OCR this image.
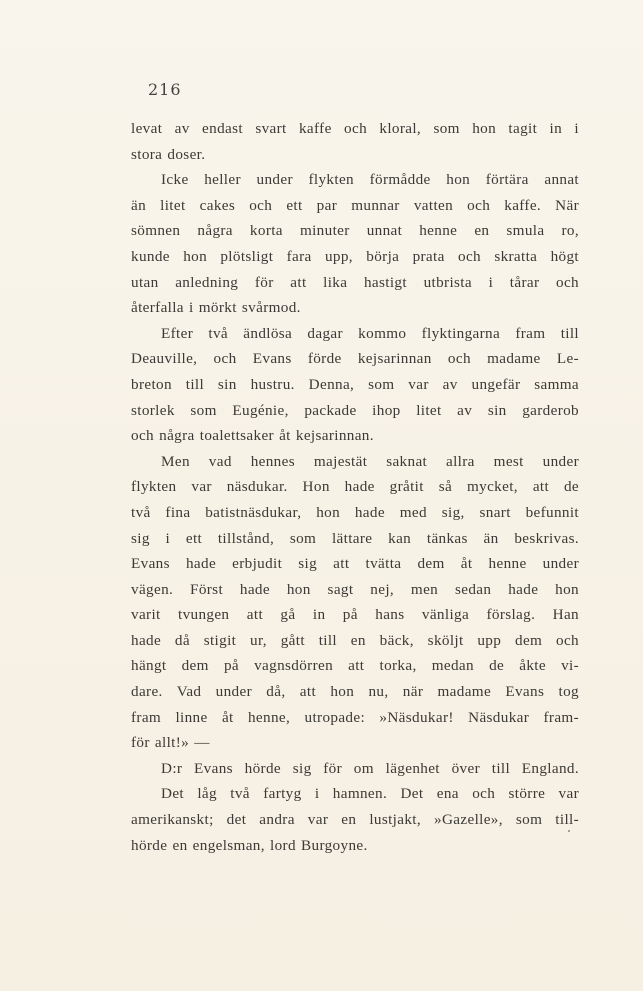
216
levat av endast svart kaffe och kloral, som hon tagit in i
stora doser.
Icke heller under flykten förmådde hon förtära annat
än litet cakes och ett par munnar vatten och kaffe. När
sömnen några korta minuter unnat henne en smula ro,
kunde hon plötsligt fara upp, börja prata och skratta högt
utan anledning för att lika hastigt utbrista i tårar och
återfalla i mörkt svårmod.
Efter två ändlösa dagar kommo flyktingarna fram till
Deauville, och Evans förde kejsarinnan och madame Le-
breton till sin hustru. Denna, som var av ungefär samma
storlek som Eugénie, packade ihop litet av sin garderob
och några toalettsaker åt kejsarinnan.
Men vad hennes majestät saknat allra mest under
flykten var näsdukar. Hon hade gråtit så mycket, att de
två fina batistnäsdukar, hon hade med sig, snart befunnit
sig i ett tillstånd, som lättare kan tänkas än beskrivas.
Evans hade erbjudit sig att tvätta dem åt henne under
vägen. Först hade hon sagt nej, men sedan hade hon
varit tvungen att gå in på hans vänliga förslag. Han
hade då stigit ur, gått till en bäck, sköljt upp dem och
hängt dem på vagnsdörren att torka, medan de åkte vi-
dare. Vad under då, att hon nu, när madame Evans tog
fram linne åt henne, utropade: »Näsdukar! Näsdukar fram-
för allt!» —
D:r Evans hörde sig för om lägenhet över till England.
Det låg två fartyg i hamnen. Det ena och större var
amerikanskt; det andra var en lustjakt, »Gazelle», som till-
hörde en engelsman, lord Burgoyne.
